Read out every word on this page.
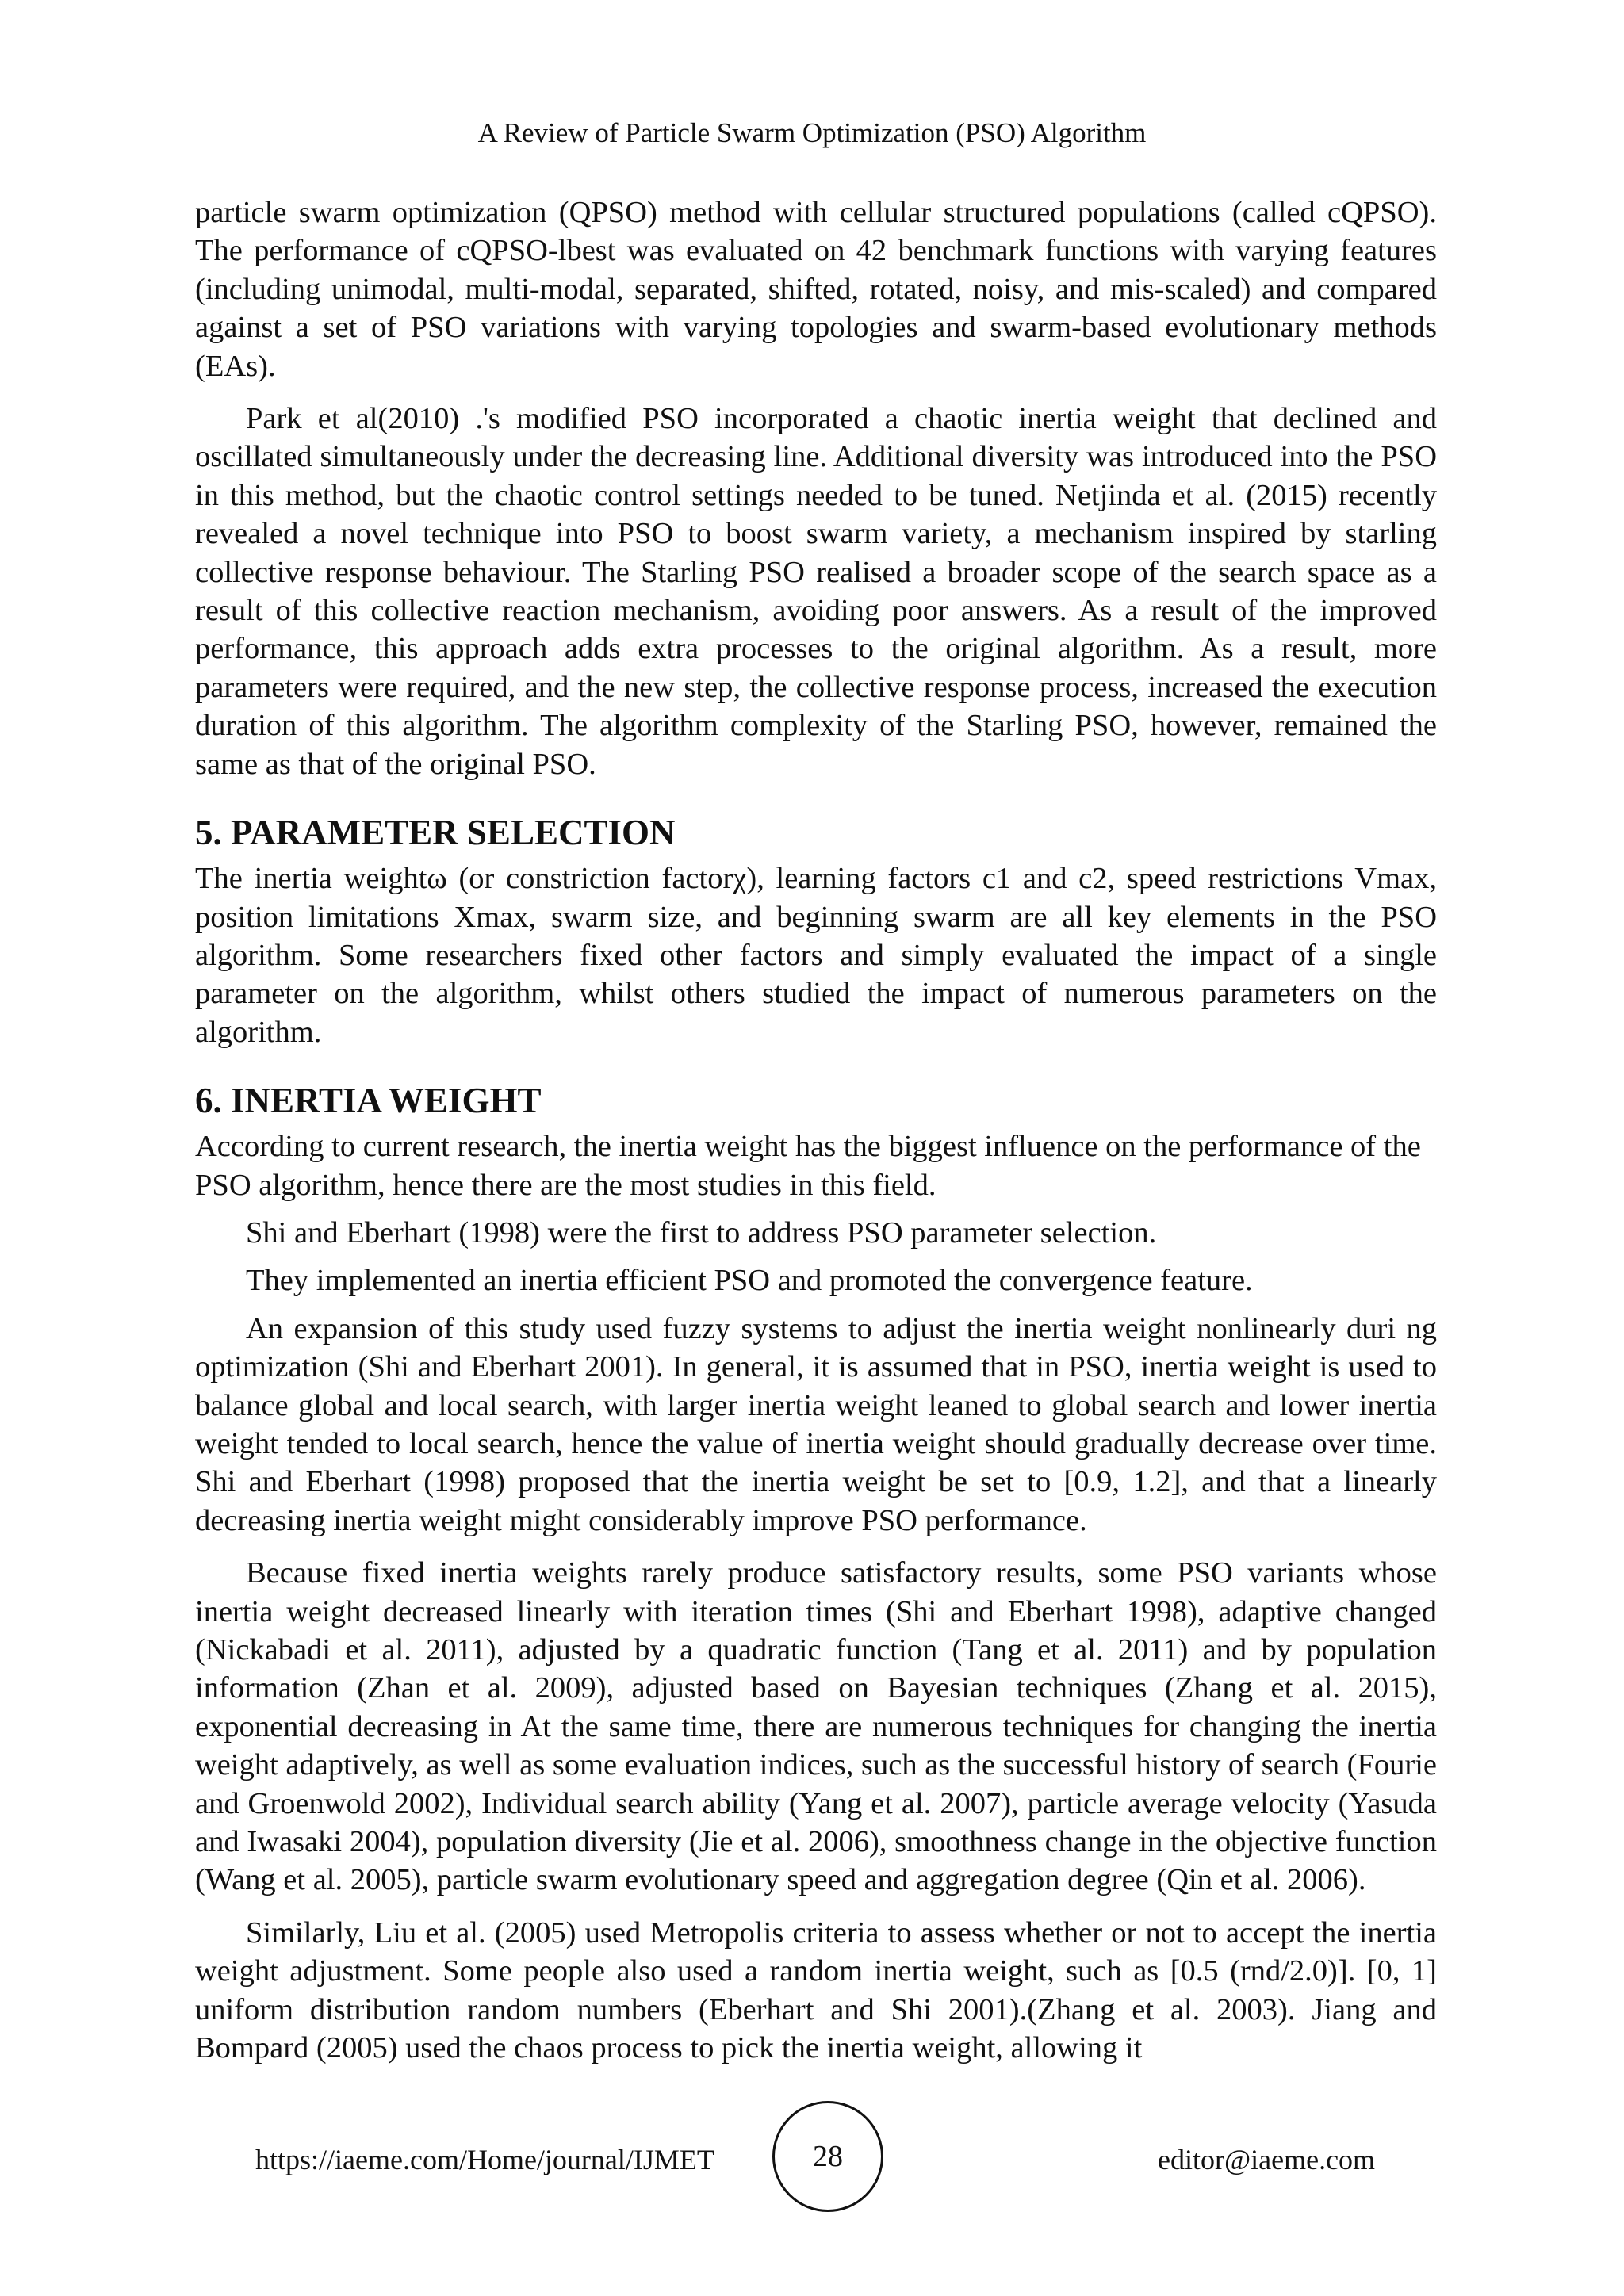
A Review of Particle Swarm Optimization (PSO) Algorithm

particle swarm optimization (QPSO) method with cellular structured populations (called cQPSO). The performance of cQPSO-lbest was evaluated on 42 benchmark functions with varying features (including unimodal, multi-modal, separated, shifted, rotated, noisy, and mis-scaled) and compared against a set of PSO variations with varying topologies and swarm-based evolutionary methods (EAs).

Park et al(2010) .'s modified PSO incorporated a chaotic inertia weight that declined and oscillated simultaneously under the decreasing line. Additional diversity was introduced into the PSO in this method, but the chaotic control settings needed to be tuned. Netjinda et al. (2015) recently revealed a novel technique into PSO to boost swarm variety, a mechanism inspired by starling collective response behaviour. The Starling PSO realised a broader scope of the search space as a result of this collective reaction mechanism, avoiding poor answers. As a result of the improved performance, this approach adds extra processes to the original algorithm. As a result, more parameters were required, and the new step, the collective response process, increased the execution duration of this algorithm. The algorithm complexity of the Starling PSO, however, remained the same as that of the original PSO.

5. PARAMETER SELECTION

The inertia weightω (or constriction factorχ), learning factors c1 and c2, speed restrictions Vmax, position limitations Xmax, swarm size, and beginning swarm are all key elements in the PSO algorithm. Some researchers fixed other factors and simply evaluated the impact of a single parameter on the algorithm, whilst others studied the impact of numerous parameters on the algorithm.

6. INERTIA WEIGHT

According to current research, the inertia weight has the biggest influence on the performance of the PSO algorithm, hence there are the most studies in this field.

Shi and Eberhart (1998) were the first to address PSO parameter selection.

They implemented an inertia efficient PSO and promoted the convergence feature.

An expansion of this study used fuzzy systems to adjust the inertia weight nonlinearly duri ng optimization (Shi and Eberhart 2001). In general, it is assumed that in PSO, inertia weight is used to balance global and local search, with larger inertia weight leaned to global search and lower inertia weight tended to local search, hence the value of inertia weight should gradually decrease over time. Shi and Eberhart (1998) proposed that the inertia weight be set to [0.9, 1.2], and that a linearly decreasing inertia weight might considerably improve PSO performance.

Because fixed inertia weights rarely produce satisfactory results, some PSO variants whose inertia weight decreased linearly with iteration times (Shi and Eberhart 1998), adaptive changed (Nickabadi et al. 2011), adjusted by a quadratic function (Tang et al. 2011) and by population information (Zhan et al. 2009), adjusted based on Bayesian techniques (Zhang et al. 2015), exponential decreasing in At the same time, there are numerous techniques for changing the inertia weight adaptively, as well as some evaluation indices, such as the successful history of search (Fourie and Groenwold 2002), Individual search ability (Yang et al. 2007), particle average velocity (Yasuda and Iwasaki 2004), population diversity (Jie et al. 2006), smoothness change in the objective function (Wang et al. 2005), particle swarm evolutionary speed and aggregation degree (Qin et al. 2006).

Similarly, Liu et al. (2005) used Metropolis criteria to assess whether or not to accept the inertia weight adjustment. Some people also used a random inertia weight, such as [0.5 (rnd/2.0)]. [0, 1] uniform distribution random numbers (Eberhart and Shi 2001).(Zhang et al. 2003). Jiang and Bompard (2005) used the chaos process to pick the inertia weight, allowing it

https://iaeme.com/Home/journal/IJMET	28	editor@iaeme.com
